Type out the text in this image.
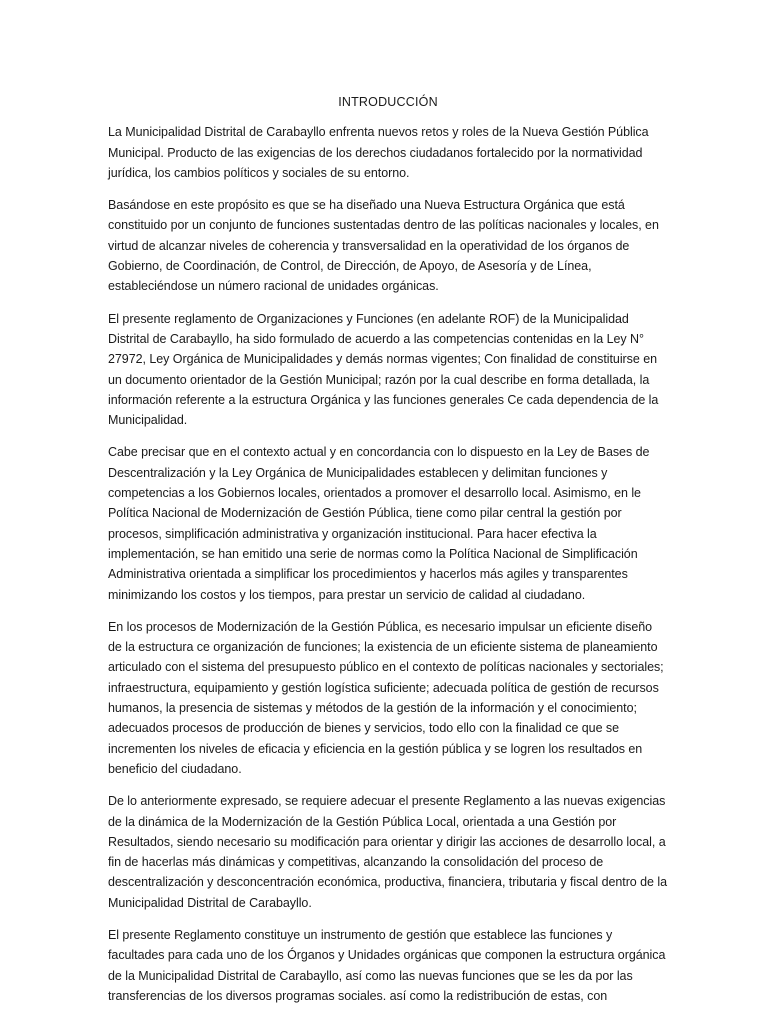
INTRODUCCIÓN

La Municipalidad Distrital de Carabayllo enfrenta nuevos retos y roles de la Nueva Gestión Pública Municipal. Producto de las exigencias de los derechos ciudadanos fortalecido por la normatividad jurídica, los cambios políticos y sociales de su entorno.

Basándose en este propósito es que se ha diseñado una Nueva Estructura Orgánica que está constituido por un conjunto de funciones sustentadas dentro de las políticas nacionales y locales, en virtud de alcanzar niveles de coherencia y transversalidad en la operatividad de los órganos de Gobierno, de Coordinación, de Control, de Dirección, de Apoyo, de Asesoría y de Línea, estableciéndose un número racional de unidades orgánicas.

El presente reglamento de Organizaciones y Funciones (en adelante ROF) de la Municipalidad Distrital de Carabayllo, ha sido formulado de acuerdo a las competencias contenidas en la Ley N° 27972, Ley Orgánica de Municipalidades y demás normas vigentes; Con finalidad de constituirse en un documento orientador de la Gestión Municipal; razón por la cual describe en forma detallada, la información referente a la estructura Orgánica y las funciones generales Ce cada dependencia de la Municipalidad.

Cabe precisar que en el contexto actual y en concordancia con lo dispuesto en la Ley de Bases de Descentralización y la Ley Orgánica de Municipalidades establecen y delimitan funciones y competencias a los Gobiernos locales, orientados a promover el desarrollo local. Asimismo, en le Política Nacional de Modernización de Gestión Pública, tiene como pilar central la gestión por procesos, simplificación administrativa y organización institucional. Para hacer efectiva la implementación, se han emitido una serie de normas como la Política Nacional de Simplificación Administrativa orientada a simplificar los procedimientos y hacerlos más agiles y transparentes minimizando los costos y los tiempos, para prestar un servicio de calidad al ciudadano.

En los procesos de Modernización de la Gestión Pública, es necesario impulsar un eficiente diseño de la estructura ce organización de funciones; la existencia de un eficiente sistema de planeamiento articulado con el sistema del presupuesto público en el contexto de políticas nacionales y sectoriales; infraestructura, equipamiento y gestión logística suficiente; adecuada política de gestión de recursos humanos, la presencia de sistemas y métodos de la gestión de la información y el conocimiento; adecuados procesos de producción de bienes y servicios, todo ello con la finalidad ce que se incrementen los niveles de eficacia y eficiencia en la gestión pública y se logren los resultados en beneficio del ciudadano.

De lo anteriormente expresado, se requiere adecuar el presente Reglamento a las nuevas exigencias de la dinámica de la Modernización de la Gestión Pública Local, orientada a una Gestión por Resultados, siendo necesario su modificación para orientar y dirigir las acciones de desarrollo local, a fin de hacerlas más dinámicas y competitivas, alcanzando la consolidación del proceso de descentralización y desconcentración económica, productiva, financiera, tributaria y fiscal dentro de la Municipalidad Distrital de Carabayllo.

El presente Reglamento constituye un instrumento de gestión que establece las funciones y facultades para cada uno de los Órganos y Unidades orgánicas que componen la estructura orgánica de la Municipalidad Distrital de Carabayllo, así como las nuevas funciones que se les da por las transferencias de los diversos programas sociales. así como la redistribución de estas, con
